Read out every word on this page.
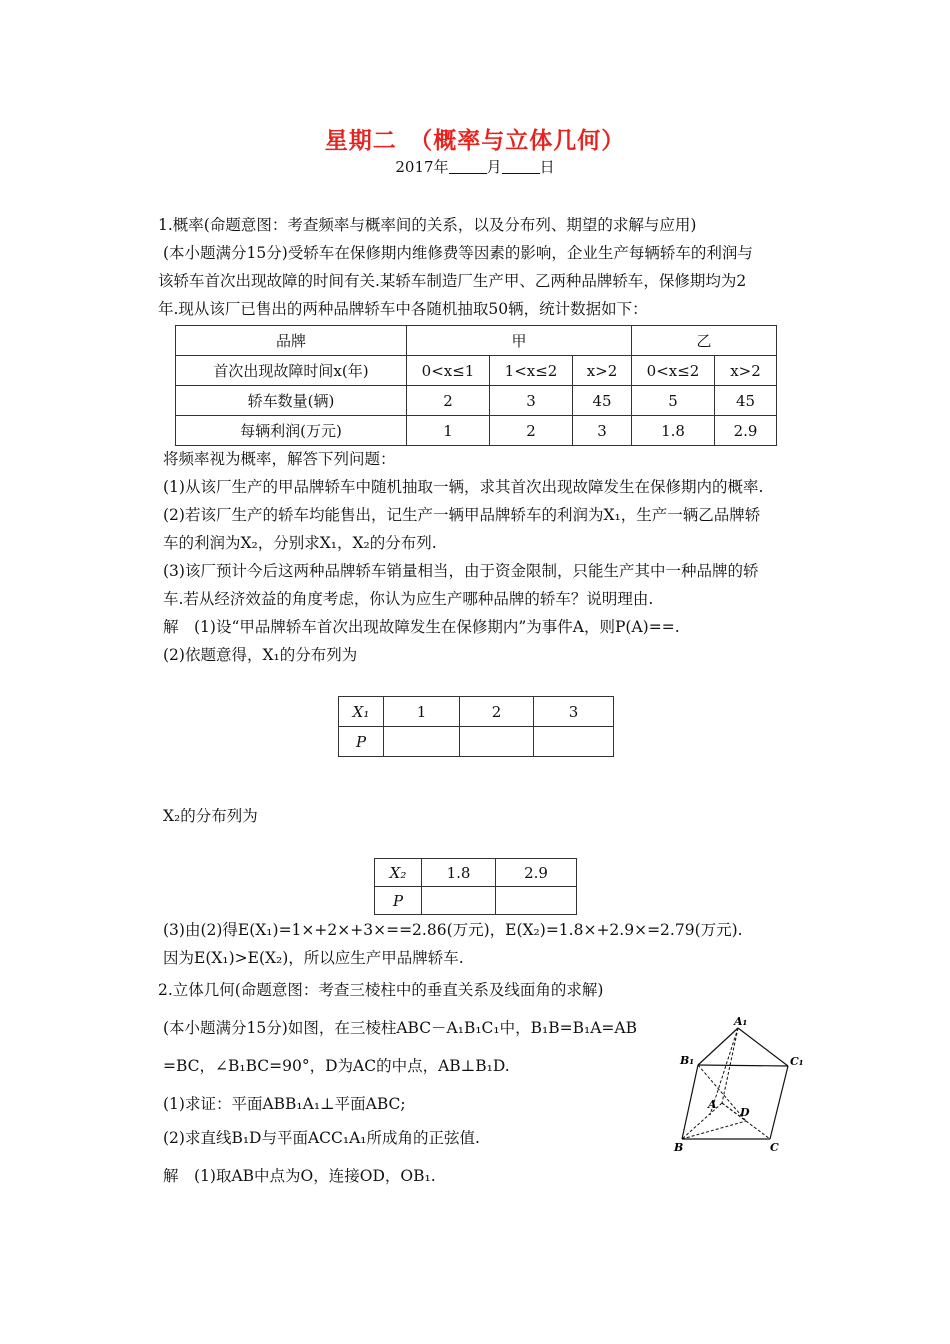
星期二　（概率与立体几何）
2017年	月	日
1.概率(命题意图：考查频率与概率间的关系，以及分布列、期望的求解与应用)
(本小题满分15分)受轿车在保修期内维修费等因素的影响，企业生产每辆轿车的利润与
该轿车首次出现故障的时间有关.某轿车制造厂生产甲、乙两种品牌轿车，保修期均为2
年.现从该厂已售出的两种品牌轿车中各随机抽取50辆，统计数据如下：
品牌	甲			乙	
首次出现故障时间x(年)	0<x≤1	1<x≤2	x>2	0<x≤2	x>2
轿车数量(辆)	2	3	45	5	45
每辆利润(万元)	1	2	3	1.8	2.9
将频率视为概率，解答下列问题：
(1)从该厂生产的甲品牌轿车中随机抽取一辆，求其首次出现故障发生在保修期内的概率.
(2)若该厂生产的轿车均能售出，记生产一辆甲品牌轿车的利润为X₁，生产一辆乙品牌轿
车的利润为X₂，分别求X₁，X₂的分布列.
(3)该厂预计今后这两种品牌轿车销量相当，由于资金限制，只能生产其中一种品牌的轿
车.若从经济效益的角度考虑，你认为应生产哪种品牌的轿车？说明理由.
解　(1)设“甲品牌轿车首次出现故障发生在保修期内”为事件A，则P(A)==.
(2)依题意得，X₁的分布列为
X₁	1	2	3
P			
X₂的分布列为
X₂	1.8	2.9
P		
(3)由(2)得E(X₁)=1×+2×+3×==2.86(万元)，E(X₂)=1.8×+2.9×=2.79(万元).
因为E(X₁)>E(X₂)，所以应生产甲品牌轿车.
2.立体几何(命题意图：考查三棱柱中的垂直关系及线面角的求解)
(本小题满分15分)如图，在三棱柱ABC－A₁B₁C₁中，B₁B=B₁A=AB
=BC，∠B₁BC=90°，D为AC的中点，AB⊥B₁D.
(1)求证：平面ABB₁A₁⊥平面ABC;
(2)求直线B₁D与平面ACC₁A₁所成角的正弦值.
解　(1)取AB中点为O，连接OD，OB₁.
A₁
B₁	C₁
A
D
B	C
